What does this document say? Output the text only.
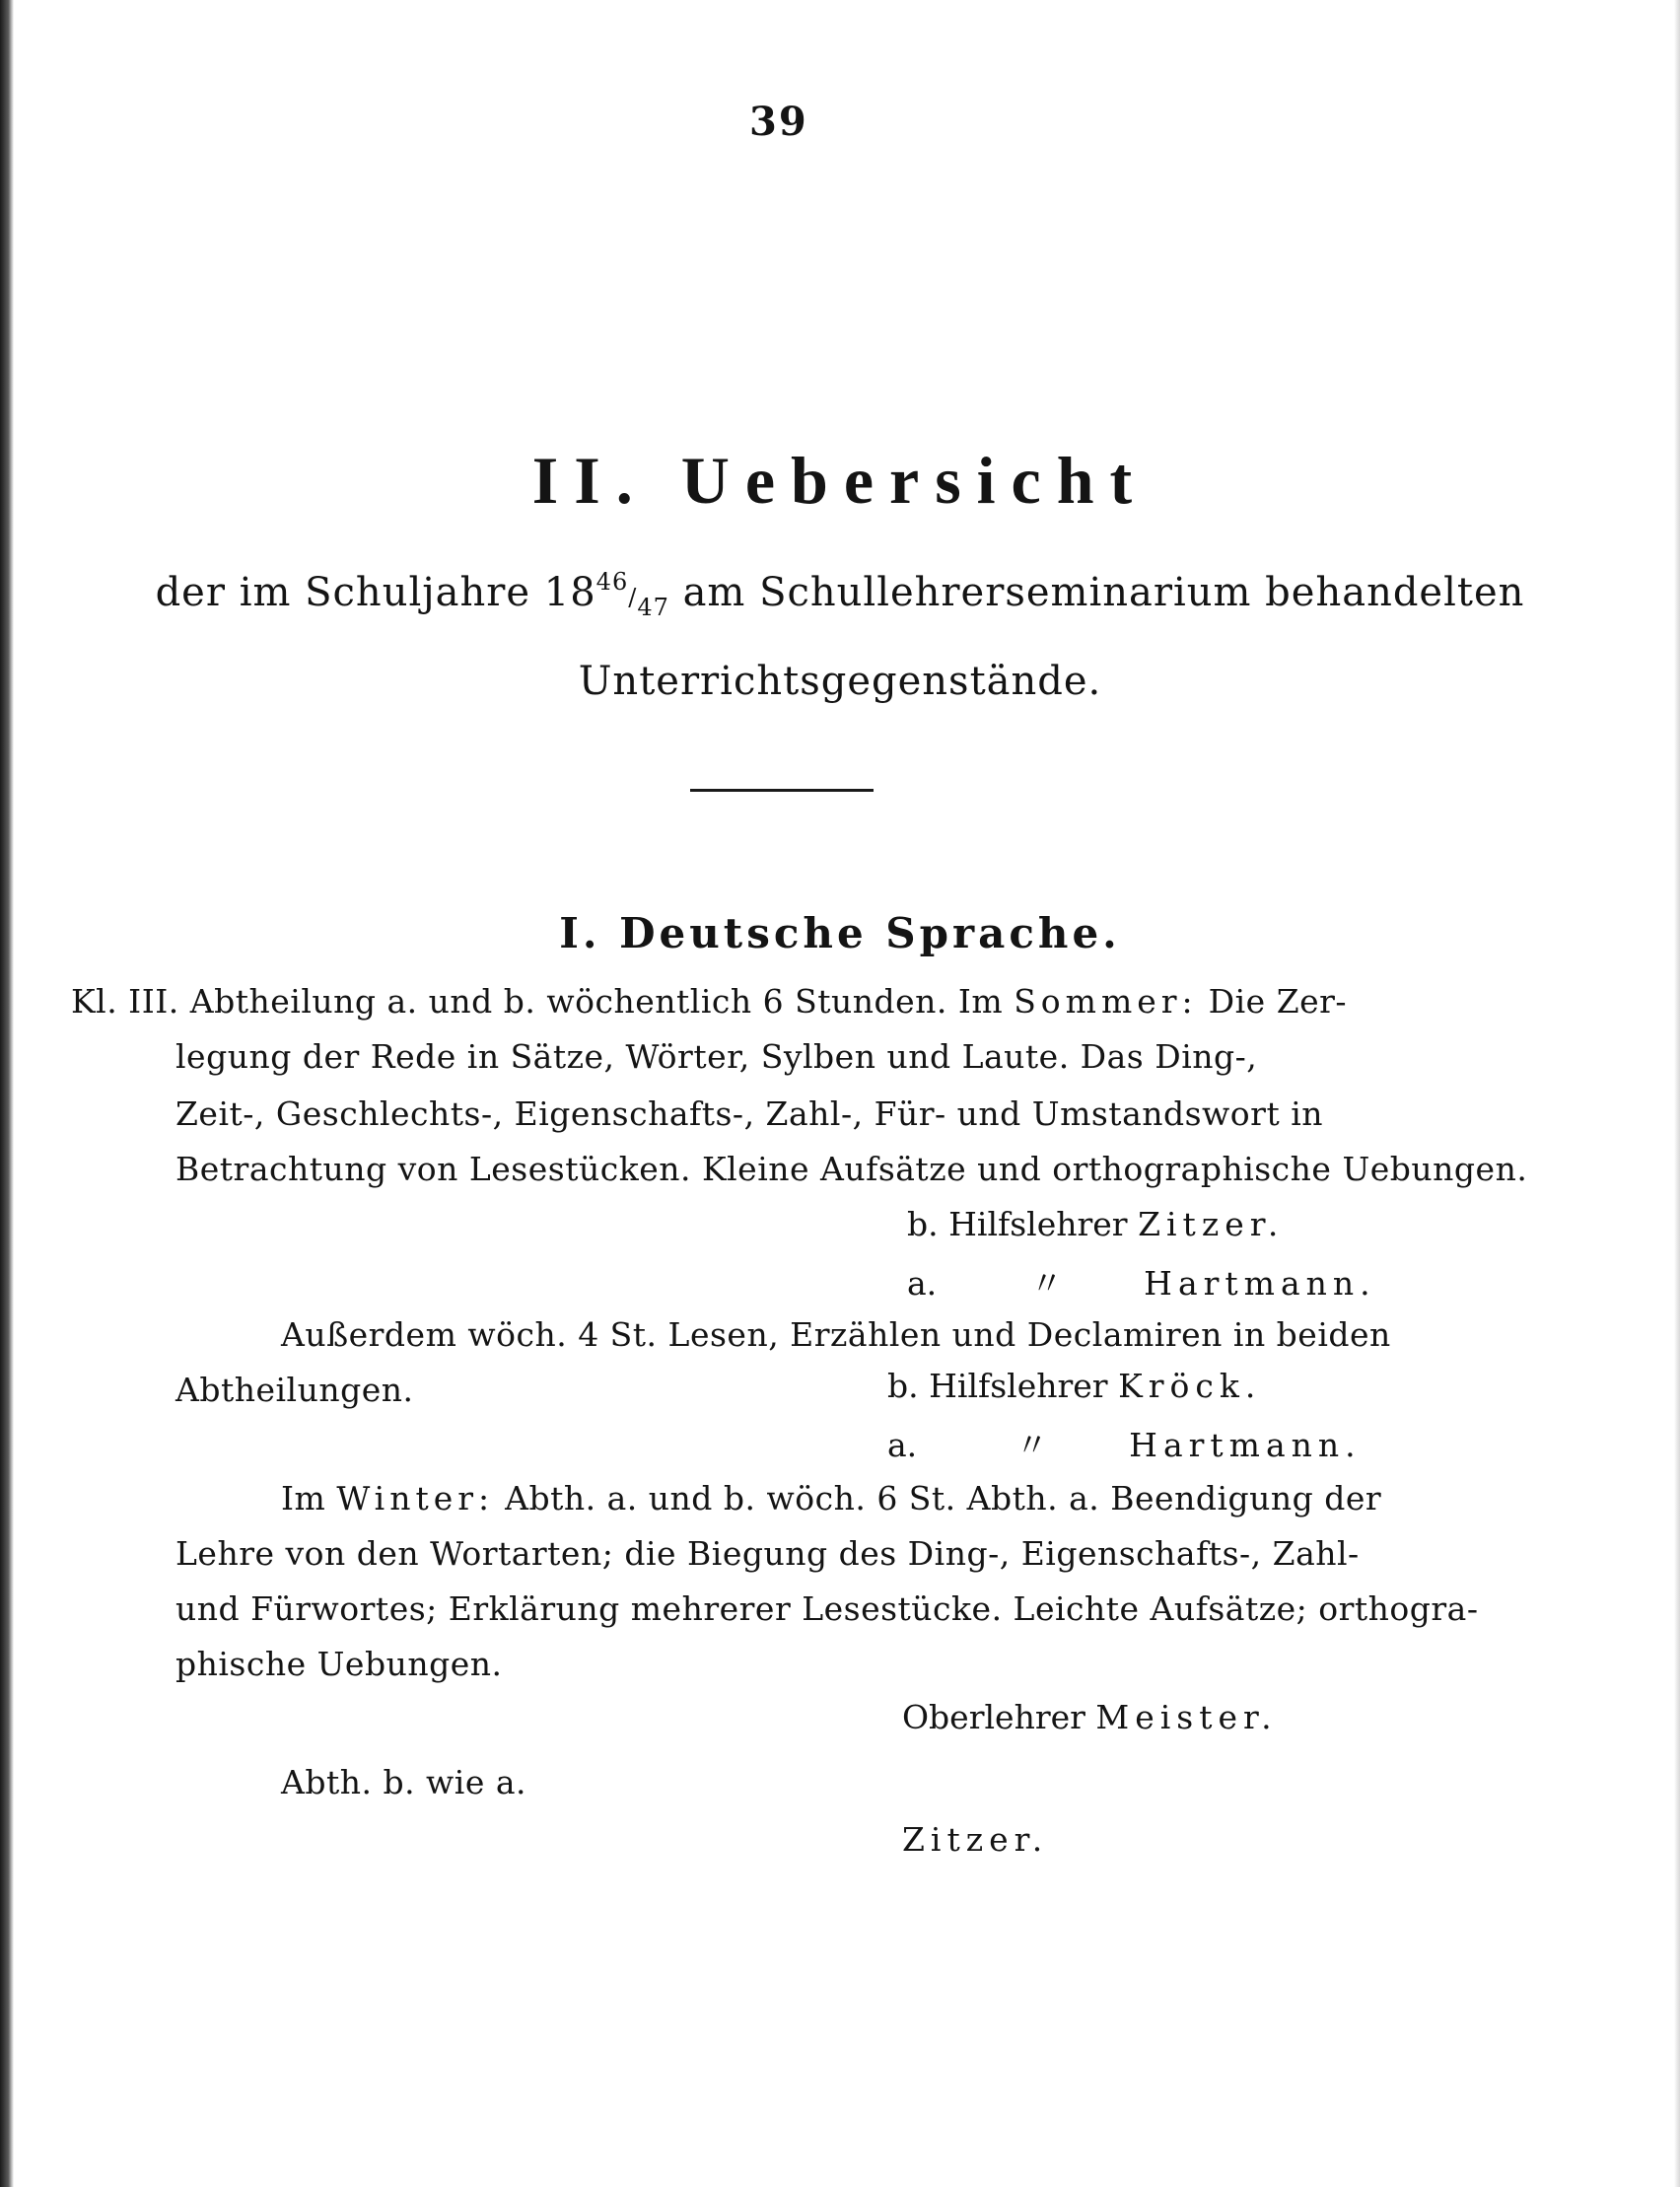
39
II. Uebersicht
der im Schuljahre 1846/47 am Schullehrerseminarium behandelten
Unterrichtsgegenstände.
I. Deutsche Sprache.
Kl. III. Abtheilung a. und b. wöchentlich 6 Stunden. Im Sommer: Die Zer-
legung der Rede in Sätze, Wörter, Sylben und Laute. Das Ding-,
Zeit-, Geschlechts-, Eigenschafts-, Zahl-, Für- und Umstandswort in
Betrachtung von Lesestücken. Kleine Aufsätze und orthographische Uebungen.
b. Hilfslehrer Zitzer.
a.	〃 Hartmann.
Außerdem wöch. 4 St. Lesen, Erzählen und Declamiren in beiden
Abtheilungen.	b. Hilfslehrer Kröck.
a.	〃 Hartmann.
Im Winter: Abth. a. und b. wöch. 6 St. Abth. a. Beendigung der
Lehre von den Wortarten; die Biegung des Ding-, Eigenschafts-, Zahl-
und Fürwortes; Erklärung mehrerer Lesestücke. Leichte Aufsätze; orthogra-
phische Uebungen.
Oberlehrer Meister.
Abth. b. wie a.
Zitzer.
